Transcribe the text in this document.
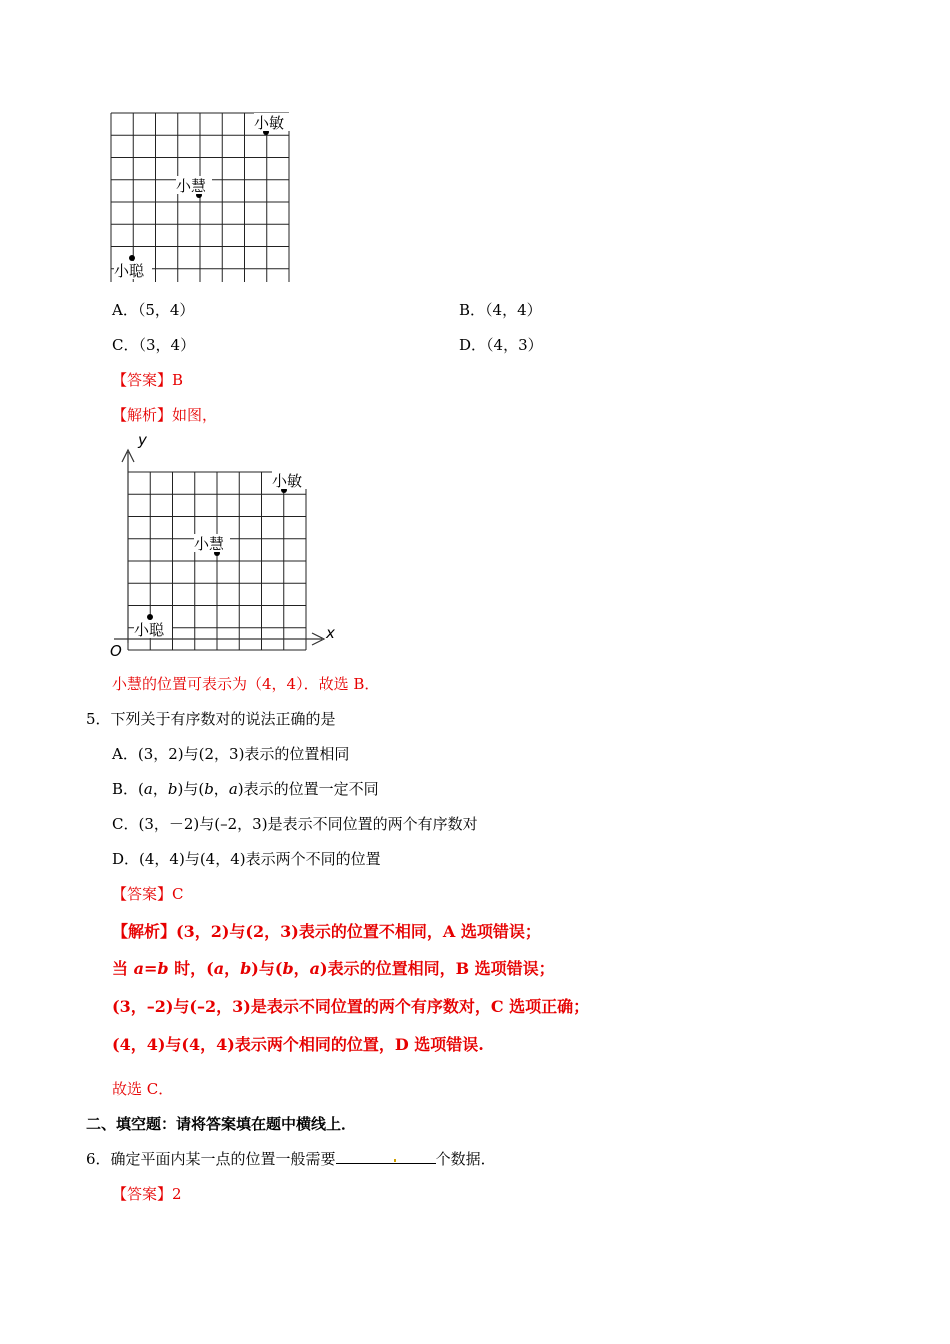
小敏
小慧
小聪
A．（5，4）	B．（4，4）
C．（3，4）	D．（4，3）
【答案】B
【解析】如图，
y
x
O
小敏
小慧
小聪
小慧的位置可表示为（4，4）．故选 B．
5．下列关于有序数对的说法正确的是
A．(3，2)与(2，3)表示的位置相同
B．(a，b)与(b，a)表示的位置一定不同
C．(3，－2)与(–2，3)是表示不同位置的两个有序数对
D．(4，4)与(4，4)表示两个不同的位置
【答案】C
【解析】(3，2)与(2，3)表示的位置不相同，A 选项错误；
当 a=b 时，(a，b)与(b，a)表示的位置相同，B 选项错误；
(3，–2)与(–2，3)是表示不同位置的两个有序数对，C 选项正确；
(4，4)与(4，4)表示两个相同的位置，D 选项错误.
故选 C．
二、填空题：请将答案填在题中横线上．
6．确定平面内某一点的位置一般需要	个数据．
【答案】2
